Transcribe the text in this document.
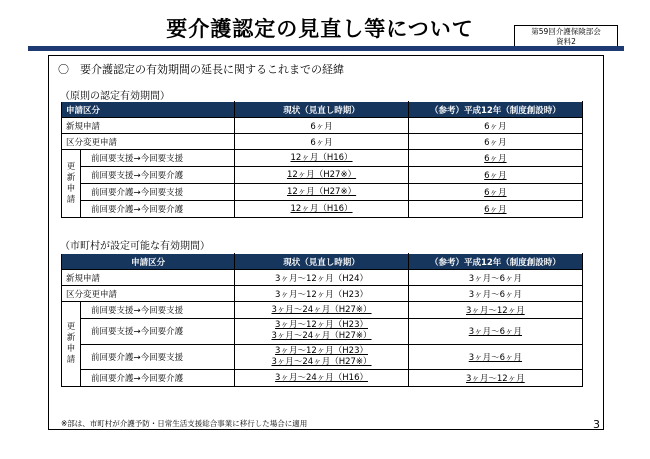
要介護認定の見直し等について	第59回介護保険部会
資料2
〇　要介護認定の有効期間の延長に関するこれまでの経緯
（原則の認定有効期間）
申請区分		現状（見直し時期）	（参考）平成12年（制度創設時）
新規申請		6ヶ月	6ヶ月
区分変更申請		6ヶ月	6ヶ月

更
新
申
請	前回要支援→今回要支援	12ヶ月（H16）	6ヶ月
	前回要支援→今回要介護	12ヶ月（H27※）	6ヶ月
	前回要介護→今回要支援	12ヶ月（H27※）	6ヶ月
	前回要介護→今回要介護	12ヶ月（H16）	6ヶ月
（市町村が設定可能な有効期間）
申請区分		現状（見直し時期）	（参考）平成12年（制度創設時）
新規申請		3ヶ月～12ヶ月（H24）	3ヶ月～6ヶ月
区分変更申請		3ヶ月～12ヶ月（H23）	3ヶ月～6ヶ月

更
新
申
請	前回要支援→今回要支援	3ヶ月～24ヶ月（H27※）	3ヶ月～12ヶ月
	前回要支援→今回要介護	3ヶ月～12ヶ月（H23）
3ヶ月～24ヶ月（H27※）	3ヶ月～6ヶ月
	前回要介護→今回要支援	3ヶ月～12ヶ月（H23）
3ヶ月～24ヶ月（H27※）	3ヶ月～6ヶ月
	前回要介護→今回要介護	3ヶ月～24ヶ月（H16）	3ヶ月～12ヶ月
※部は、市町村が介護予防・日常生活支援総合事業に移行した場合に適用	3
